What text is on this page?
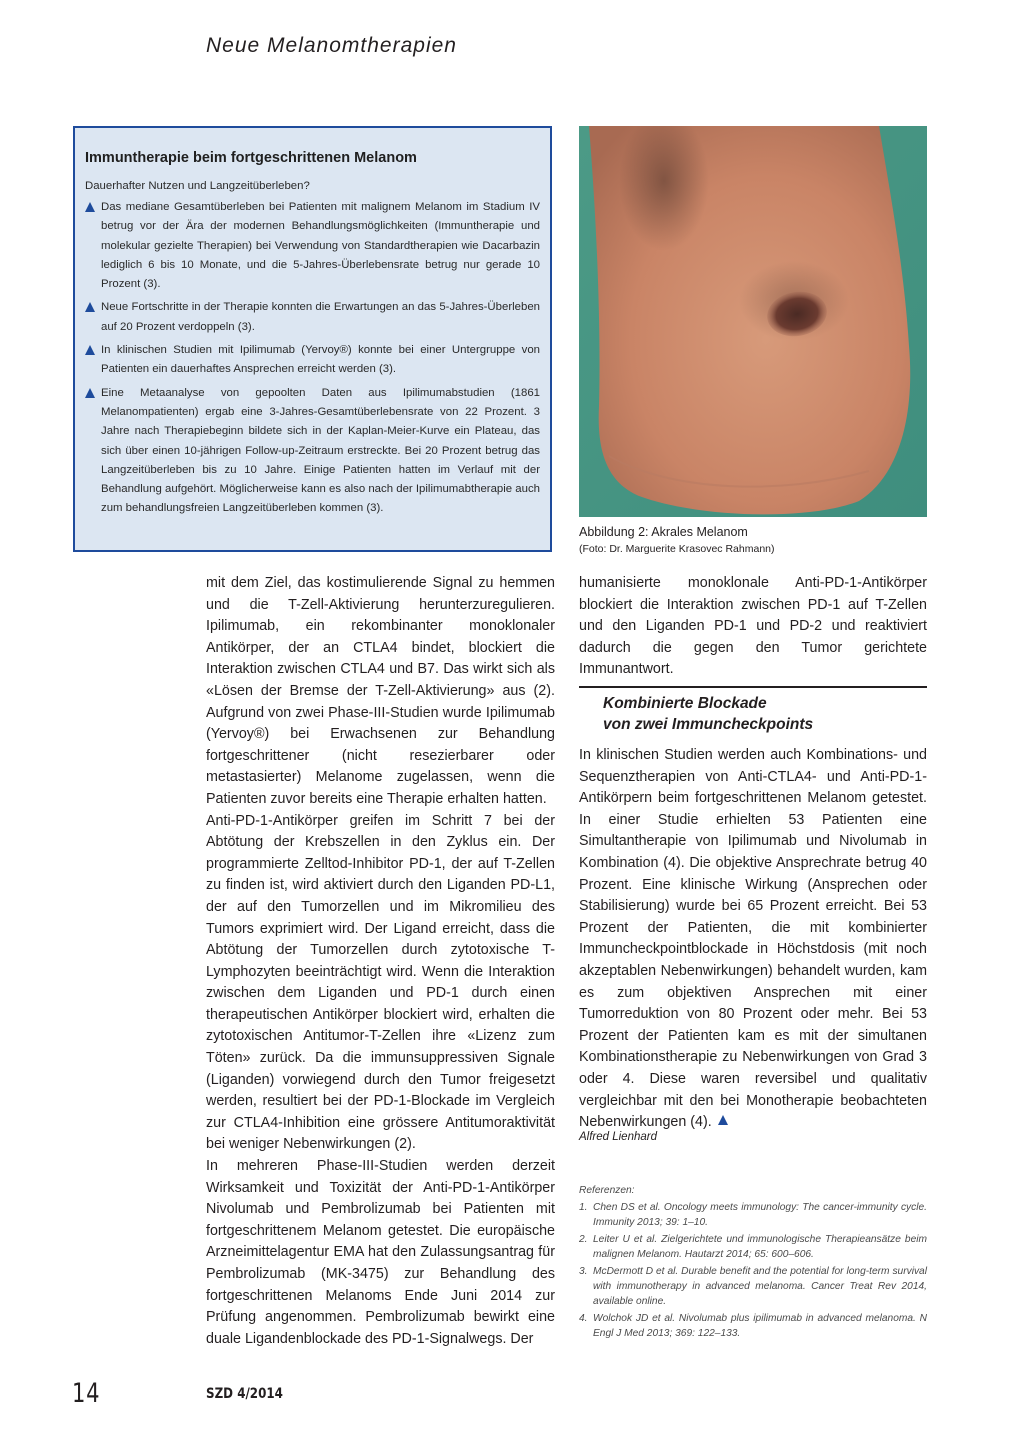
Neue Melanomtherapien
Immuntherapie beim fortgeschrittenen Melanom
Dauerhafter Nutzen und Langzeitüberleben?
Das mediane Gesamtüberleben bei Patienten mit malignem Melanom im Stadium IV betrug vor der Ära der modernen Behandlungsmöglichkeiten (Immuntherapie und molekular gezielte Therapien) bei Verwendung von Standardtherapien wie Dacarbazin lediglich 6 bis 10 Monate, und die 5-Jahres-Überlebensrate betrug nur gerade 10 Prozent (3).
Neue Fortschritte in der Therapie konnten die Erwartungen an das 5-Jahres-Überleben auf 20 Prozent verdoppeln (3).
In klinischen Studien mit Ipilimumab (Yervoy®) konnte bei einer Untergruppe von Patienten ein dauerhaftes Ansprechen erreicht werden (3).
Eine Metaanalyse von gepoolten Daten aus Ipilimumabstudien (1861 Melanompatienten) ergab eine 3-Jahres-Gesamtüberlebensrate von 22 Prozent. 3 Jahre nach Therapiebeginn bildete sich in der Kaplan-Meier-Kurve ein Plateau, das sich über einen 10-jährigen Follow-up-Zeitraum erstreckte. Bei 20 Prozent betrug das Langzeitüberleben bis zu 10 Jahre. Einige Patienten hatten im Verlauf mit der Behandlung aufgehört. Möglicherweise kann es also nach der Ipilimumabtherapie auch zum behandlungsfreien Langzeitüberleben kommen (3).
Abbildung 2: Akrales Melanom
(Foto: Dr. Marguerite Krasovec Rahmann)

mit dem Ziel, das kostimulierende Signal zu hemmen und die T-Zell-Aktivierung herunterzuregulieren. Ipilimumab, ein rekombinanter monoklonaler Antikörper, der an CTLA4 bindet, blockiert die Interaktion zwischen CTLA4 und B7. Das wirkt sich als «Lösen der Bremse der T-Zell-Aktivierung» aus (2). Aufgrund von zwei Phase-III-Studien wurde Ipilimumab (Yervoy®) bei Erwachsenen zur Behandlung fortgeschrittener (nicht resezierbarer oder metastasierter) Melanome zugelassen, wenn die Patienten zuvor bereits eine Therapie erhalten hatten.

Anti-PD-1-Antikörper greifen im Schritt 7 bei der Abtötung der Krebszellen in den Zyklus ein. Der programmierte Zelltod-Inhibitor PD-1, der auf T-Zellen zu finden ist, wird aktiviert durch den Liganden PD-L1, der auf den Tumorzellen und im Mikromilieu des Tumors exprimiert wird. Der Ligand erreicht, dass die Abtötung der Tumorzellen durch zytotoxische T-Lymphozyten beeinträchtigt wird. Wenn die Interaktion zwischen dem Liganden und PD-1 durch einen therapeutischen Antikörper blockiert wird, erhalten die zytotoxischen Antitumor-T-Zellen ihre «Lizenz zum Töten» zurück. Da die immunsuppressiven Signale (Liganden) vorwiegend durch den Tumor freigesetzt werden, resultiert bei der PD-1-Blockade im Vergleich zur CTLA4-Inhibition eine grössere Antitumoraktivität bei weniger Nebenwirkungen (2).

In mehreren Phase-III-Studien werden derzeit Wirksamkeit und Toxizität der Anti-PD-1-Antikörper Nivolumab und Pembrolizumab bei Patienten mit fortgeschrittenem Melanom getestet. Die europäische Arzneimittelagentur EMA hat den Zulassungsantrag für Pembrolizumab (MK-3475) zur Behandlung des fortgeschrittenen Melanoms Ende Juni 2014 zur Prüfung angenommen. Pembrolizumab bewirkt eine duale Ligandenblockade des PD-1-Signalwegs. Der

humanisierte monoklonale Anti-PD-1-Antikörper blockiert die Interaktion zwischen PD-1 auf T-Zellen und den Liganden PD-1 und PD-2 und reaktiviert dadurch die gegen den Tumor gerichtete Immunantwort.

Kombinierte Blockade
von zwei Immuncheckpoints

In klinischen Studien werden auch Kombinations- und Sequenztherapien von Anti-CTLA4- und Anti-PD-1-Antikörpern beim fortgeschrittenen Melanom getestet. In einer Studie erhielten 53 Patienten eine Simultantherapie von Ipilimumab und Nivolumab in Kombination (4). Die objektive Ansprechrate betrug 40 Prozent. Eine klinische Wirkung (Ansprechen oder Stabilisierung) wurde bei 65 Prozent erreicht. Bei 53 Prozent der Patienten, die mit kombinierter Immuncheckpointblockade in Höchstdosis (mit noch akzeptablen Nebenwirkungen) behandelt wurden, kam es zum objektiven Ansprechen mit einer Tumorreduktion von 80 Prozent oder mehr. Bei 53 Prozent der Patienten kam es mit der simultanen Kombinationstherapie zu Nebenwirkungen von Grad 3 oder 4. Diese waren reversibel und qualitativ vergleichbar mit den bei Monotherapie beobachteten Nebenwirkungen (4).

Alfred Lienhard
Referenzen:
1. Chen DS et al. Oncology meets immunology: The cancer-immunity cycle. Immunity 2013; 39: 1–10.
2. Leiter U et al. Zielgerichtete und immunologische Therapieansätze beim malignen Melanom. Hautarzt 2014; 65: 600–606.
3. McDermott D et al. Durable benefit and the potential for long-term survival with immunotherapy in advanced melanoma. Cancer Treat Rev 2014, available online.
4. Wolchok JD et al. Nivolumab plus ipilimumab in advanced melanoma. N Engl J Med 2013; 369: 122–133.
14	SZD 4/2014
